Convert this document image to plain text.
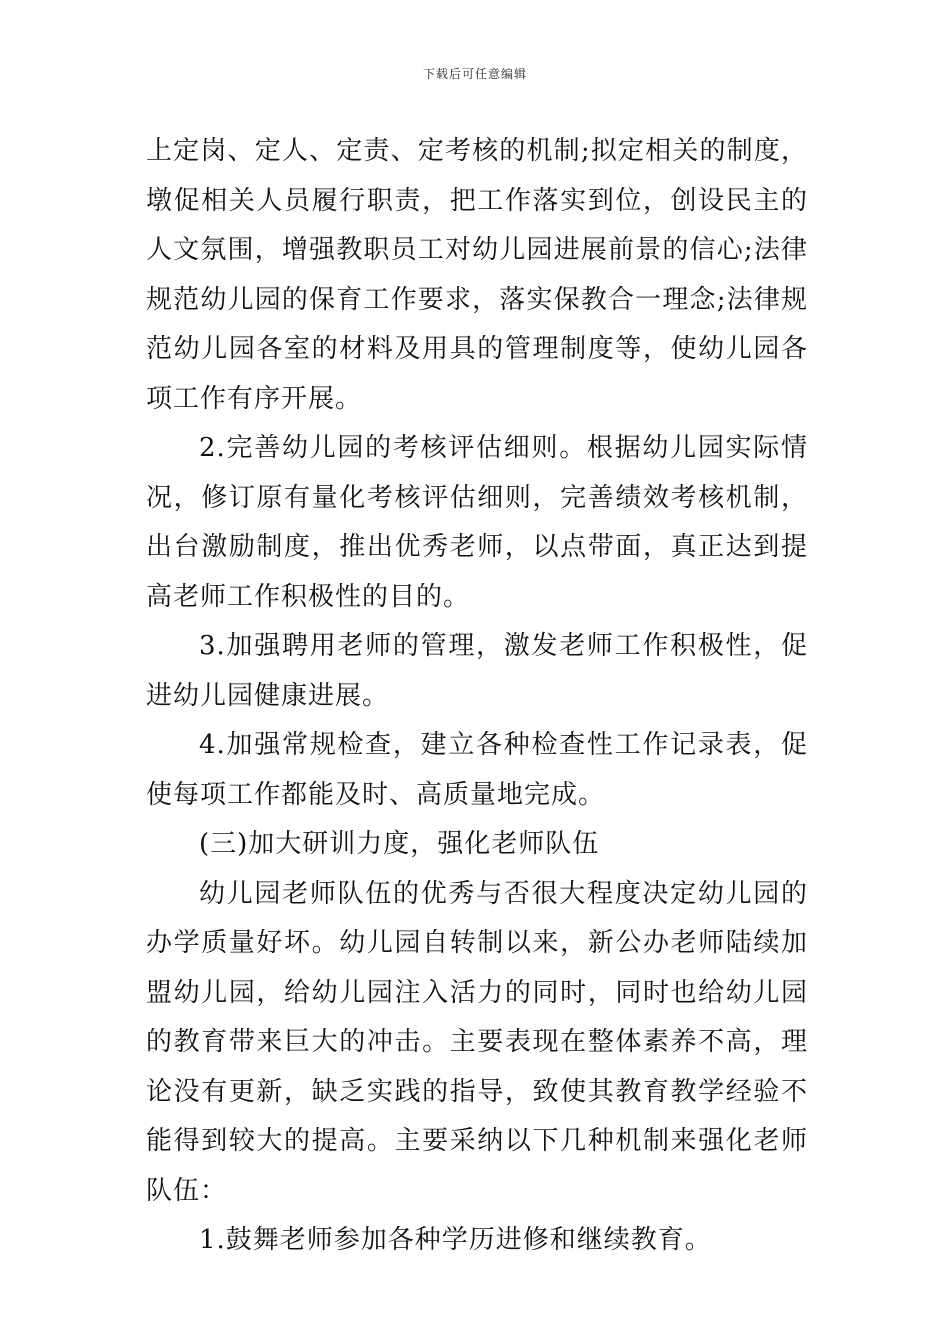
下载后可任意编辑

上定岗、定人、定责、定考核的机制;拟定相关的制度，墩促相关人员履行职责，把工作落实到位，创设民主的人文氛围，增强教职员工对幼儿园进展前景的信心;法律规范幼儿园的保育工作要求，落实保教合一理念;法律规范幼儿园各室的材料及用具的管理制度等，使幼儿园各项工作有序开展。

2.完善幼儿园的考核评估细则。根据幼儿园实际情况，修订原有量化考核评估细则，完善绩效考核机制，出台激励制度，推出优秀老师，以点带面，真正达到提高老师工作积极性的目的。

3.加强聘用老师的管理，激发老师工作积极性，促进幼儿园健康进展。

4.加强常规检查，建立各种检查性工作记录表，促使每项工作都能及时、高质量地完成。

(三)加大研训力度，强化老师队伍

幼儿园老师队伍的优秀与否很大程度决定幼儿园的办学质量好坏。幼儿园自转制以来，新公办老师陆续加盟幼儿园，给幼儿园注入活力的同时，同时也给幼儿园的教育带来巨大的冲击。主要表现在整体素养不高，理论没有更新，缺乏实践的指导，致使其教育教学经验不能得到较大的提高。主要采纳以下几种机制来强化老师队伍：

1.鼓舞老师参加各种学历进修和继续教育。
